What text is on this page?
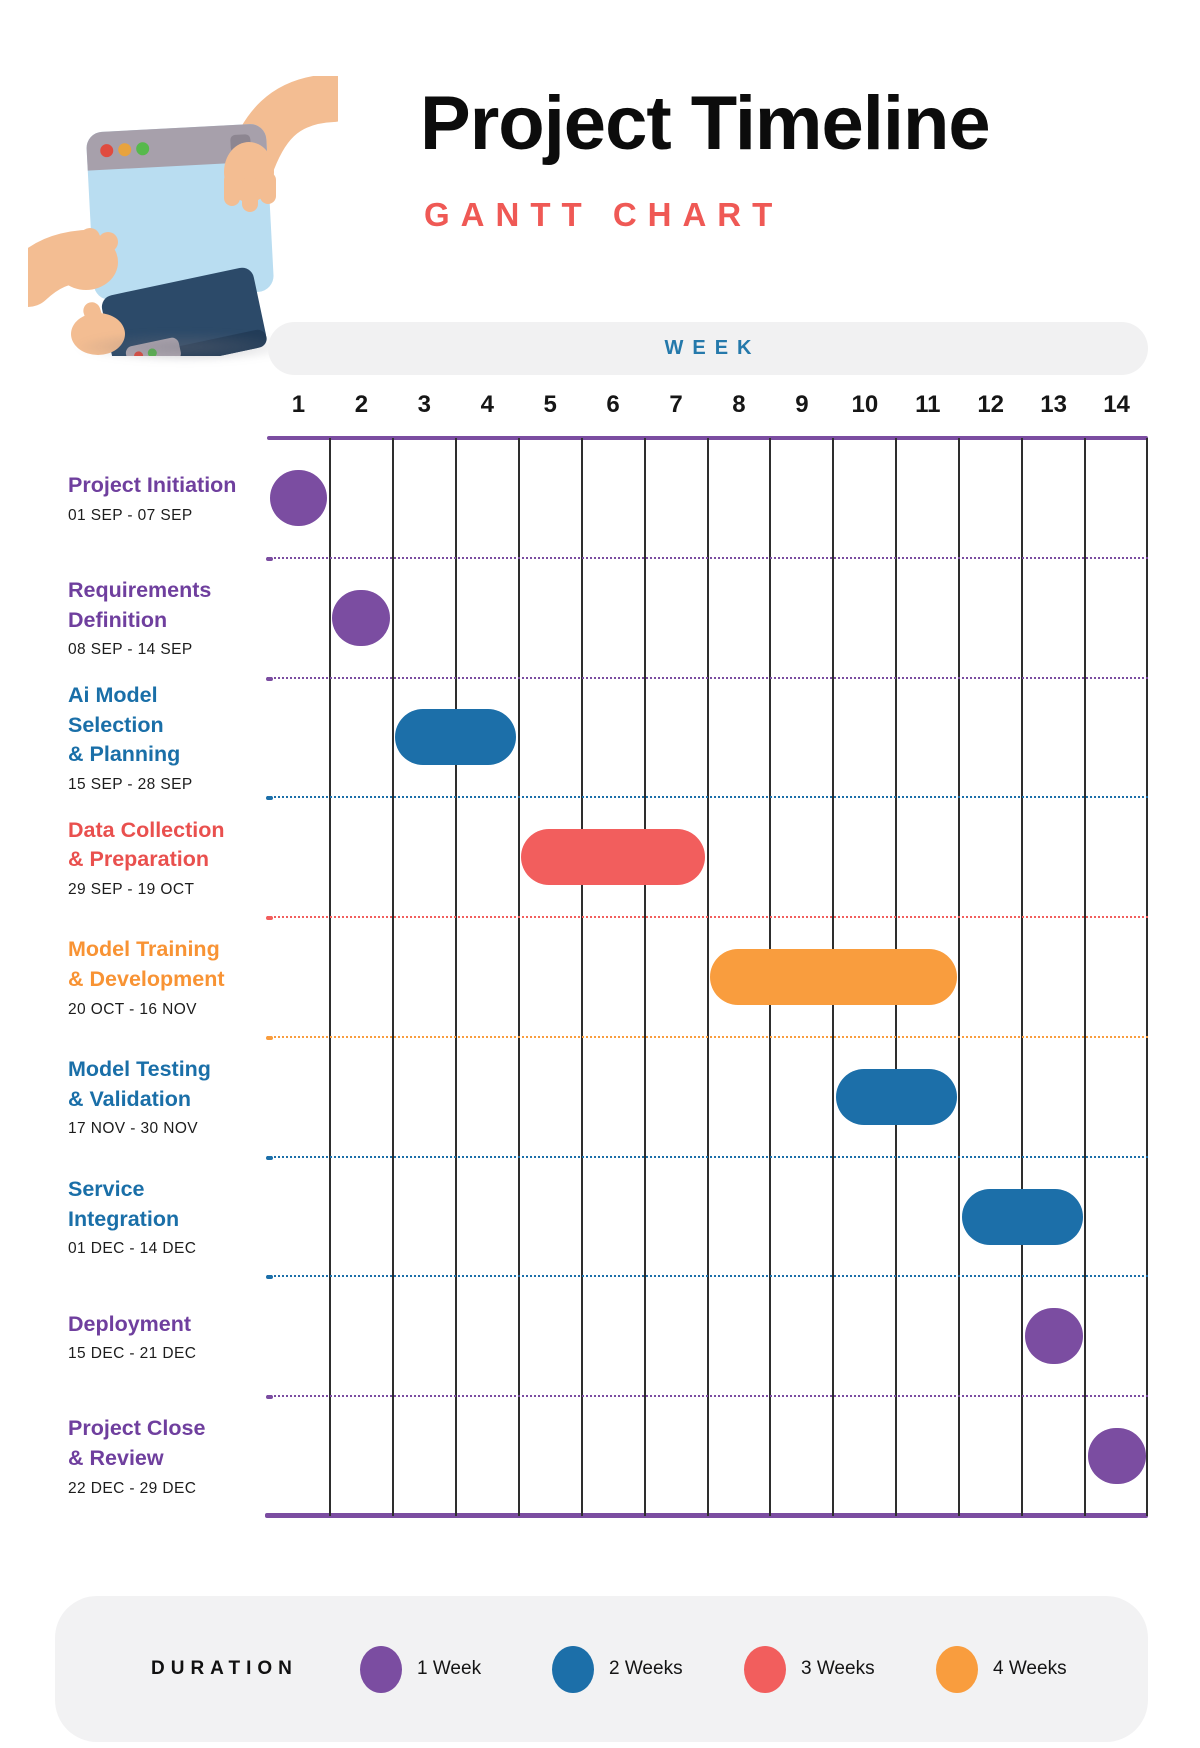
Project Timeline
GANTT CHART
WEEK
1	2	3	4	5	6	7	8	9	10	11	12	13	14
Project Initiation
01 SEP - 07 SEP
Requirements
Definition
08 SEP - 14 SEP
Ai Model Selection
& Planning
15 SEP - 28 SEP
Data Collection
& Preparation
29 SEP - 19 OCT
Model Training
& Development
20 OCT - 16 NOV
Model Testing
& Validation
17 NOV - 30 NOV
Service
Integration
01 DEC - 14 DEC
Deployment
15 DEC - 21 DEC
Project Close
& Review
22 DEC - 29 DEC
DURATION	1 Week	2 Weeks	3 Weeks	4 Weeks
